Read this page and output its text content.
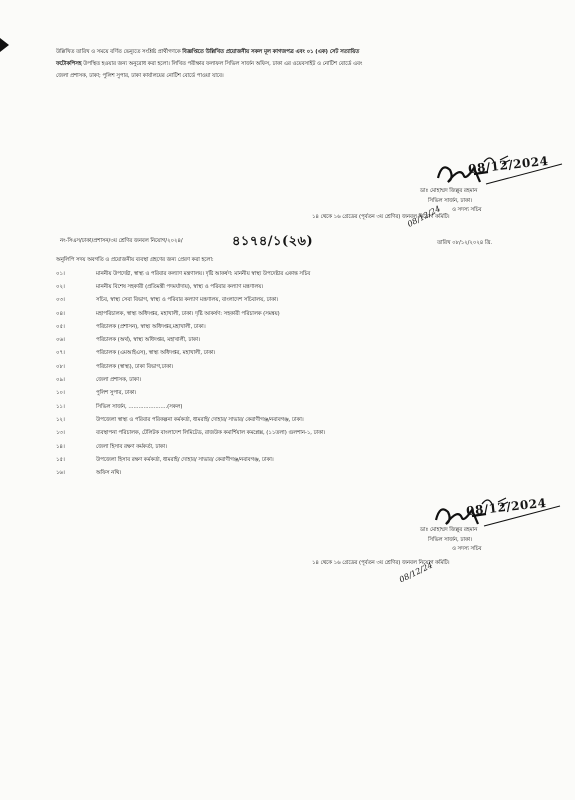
উল্লিখিত তারিখ ও সময়ে বর্ণিত ভেন্যুতে সংশ্লিষ্ট প্রার্থীগণকে বিজ্ঞপ্তিতে উল্লিখিত প্রয়োজনীয় সকল মূল কাগজপত্র এবং ০১ (এক) সেট সত্যায়িত
ফটোকপিসহ উপস্থিত হওয়ার জন্য অনুরোধ করা হলো। লিখিত পরীক্ষার ফলাফল সিভিল সার্জন অফিস, ঢাকা এর ওয়েবসাইট ও নোটিশ বোর্ডে এবং
জেলা প্রশাসক, ঢাকা; পুলিশ সুপার, ঢাকা কার্যালয়ের নোটিশ বোর্ডে পাওয়া যাবে।
08/12/2024
ডাঃ মোহাম্মদ জিল্লুর রহমান
সিভিল সার্জন, ঢাকা।
ও সদস্য সচিব
১৪ থেকে ১৬ গ্রেডের (পূর্বতন ৩য় শ্রেণির) জনবল নিয়োগ কমিটি।
08/12/24
নং-সিএস/ঢাকা/প্রশাসন/৩য় শ্রেণির জনবল নিয়োগ/২০২৪/	৪১৭৪/১(২৬)	তারিখ ০৮/১২/২০২৪ খ্রি.
অনুলিপি সদয় অবগতি ও প্রয়োজনীয় ব্যবস্থা গ্রহণের জন্য প্রেরণ করা হলো:
০১।	মাননীয় উপদেষ্টা, স্বাস্থ্য ও পরিবার কল্যাণ মন্ত্রণালয়। দৃষ্টি আকর্ষণ: মাননীয় স্বাস্থ্য উপদেষ্টার একান্ত সচিব
০২।	মাননীয় বিশেষ সহকারী (প্রতিমন্ত্রী পদমর্যাদায়), স্বাস্থ্য ও পরিবার কল্যাণ মন্ত্রণালয়।
০৩।	সচিব, স্বাস্থ্য সেবা বিভাগ, স্বাস্থ্য ও পরিবার কল্যাণ মন্ত্রণালয়, বাংলাদেশ সচিবালয়, ঢাকা।
০৪।	মহাপরিচালক, স্বাস্থ্য অধিদপ্তর, মহাখালী, ঢাকা। দৃষ্টি আকর্ষণ: সহকারী পরিচালক (সমন্বয়)
০৫।	পরিচালক (প্রশাসন), স্বাস্থ্য অধিদপ্তর,মহাখালী, ঢাকা।
০৬।	পরিচালক (অর্থ), স্বাস্থ্য অধিদপ্তর, মহাখালী, ঢাকা।
০৭।	পরিচালক (এমআইএস), স্বাস্থ্য অধিদপ্তর, মহাখালী, ঢাকা।
০৮।	পরিচালক (স্বাস্থ্য), ঢাকা বিভাগ,ঢাকা।
০৯।	জেলা প্রশাসক, ঢাকা।
১০।	পুলিশ সুপার, ঢাকা।
১১।	সিভিল সার্জন, .......................(সকল)
১২।	উপজেলা স্বাস্থ্য ও পরিবার পরিকল্পনা কর্মকর্তা, ধামরাই/ দোহার/ সাভার/ কেরাণীগঞ্জ/নবাবগঞ্জ, ঢাকা।
১৩।	ব্যবস্থাপনা পরিচালক, টেলিটক বাংলাদেশ লিমিটেড, রাজউক কমার্শিয়াল কমপ্লেক্স, (১১তলা) গুলশান-১, ঢাকা।
১৪।	জেলা হিসাব রক্ষণ কর্মকর্তা, ঢাকা।
১৫।	উপজেলা হিসাব রক্ষণ কর্মকর্তা, ধামরাই/ দোহার/ সাভার/ কেরাণীগঞ্জ/নবাবগঞ্জ, ঢাকা।
১৬।	অফিস নথি।
08/12/2024
ডাঃ মোহাম্মদ জিল্লুর রহমান
সিভিল সার্জন, ঢাকা।
ও সদস্য সচিব
১৪ থেকে ১৬ গ্রেডের (পূর্বতন ৩য় শ্রেণির) জনবল নিয়োগ কমিটি।
08/12/24
